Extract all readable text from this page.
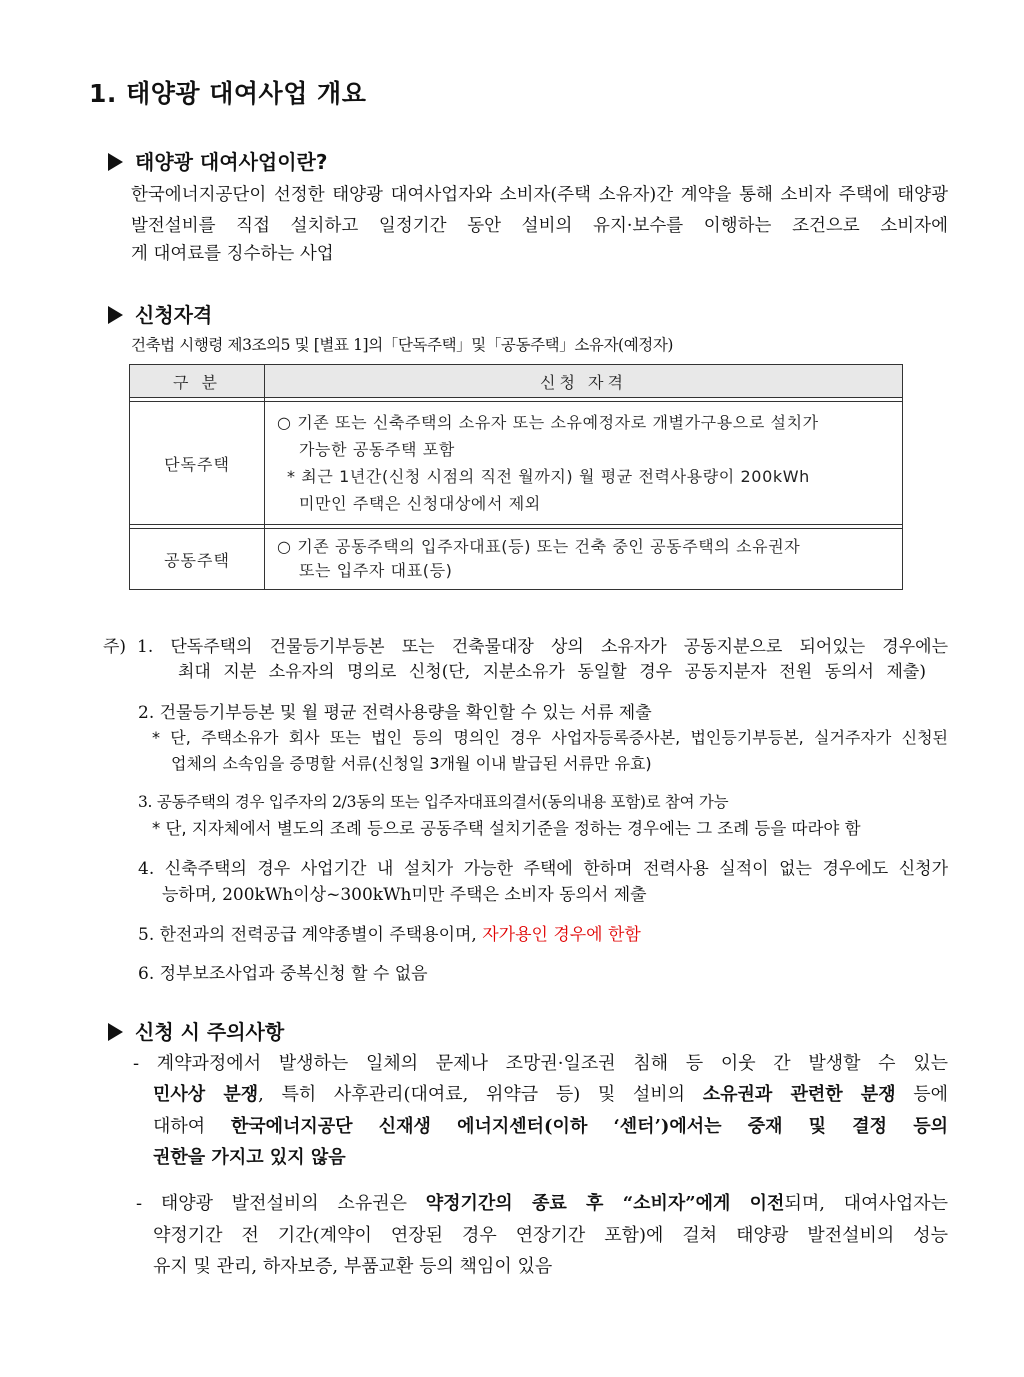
1. 태양광 대여사업 개요
태양광 대여사업이란?
한국에너지공단이 선정한 태양광 대여사업자와 소비자(주택 소유자)간 계약을 통해 소비자 주택에 태양광
발전설비를 직접 설치하고 일정기간 동안 설비의 유지·보수를 이행하는 조건으로 소비자에
게 대여료를 징수하는 사업
신청자격
건축법 시행령 제3조의5 및 [별표 1]의「단독주택」및「공동주택」소유자(예정자)
구 분	신청 자격

단독주택	○ 기존 또는 신축주택의 소유자 또는 소유예정자로 개별가구용으로 설치가
가능한 공동주택 포함
* 최근 1년간(신청 시점의 직전 월까지) 월 평균 전력사용량이 200kWh
미만인 주택은 신청대상에서 제외

공동주택	○ 기존 공동주택의 입주자대표(등) 또는 건축 중인 공동주택의 소유권자
또는 입주자 대표(등)
주) 1. 단독주택의 건물등기부등본 또는 건축물대장 상의 소유자가 공동지분으로 되어있는 경우에는
최대 지분 소유자의 명의로 신청(단, 지분소유가 동일할 경우 공동지분자 전원 동의서 제출)
2. 건물등기부등본 및 월 평균 전력사용량을 확인할 수 있는 서류 제출
* 단, 주택소유가 회사 또는 법인 등의 명의인 경우 사업자등록증사본, 법인등기부등본, 실거주자가 신청된
업체의 소속임을 증명할 서류(신청일 3개월 이내 발급된 서류만 유효)
3. 공동주택의 경우 입주자의 2/3동의 또는 입주자대표의결서(동의내용 포함)로 참여 가능
* 단, 지자체에서 별도의 조례 등으로 공동주택 설치기준을 정하는 경우에는 그 조례 등을 따라야 함
4. 신축주택의 경우 사업기간 내 설치가 가능한 주택에 한하며 전력사용 실적이 없는 경우에도 신청가
능하며, 200kWh이상~300kWh미만 주택은 소비자 동의서 제출
5. 한전과의 전력공급 계약종별이 주택용이며, 자가용인 경우에 한함
6. 정부보조사업과 중복신청 할 수 없음
신청 시 주의사항
- 계약과정에서 발생하는 일체의 문제나 조망권·일조권 침해 등 이웃 간 발생할 수 있는
민사상 분쟁, 특히 사후관리(대여료, 위약금 등) 및 설비의 소유권과 관련한 분쟁 등에
대하여 한국에너지공단 신재생 에너지센터(이하 ‘센터’)에서는 중재 및 결정 등의
권한을 가지고 있지 않음
- 태양광 발전설비의 소유권은 약정기간의 종료 후 “소비자”에게 이전되며, 대여사업자는
약정기간 전 기간(계약이 연장된 경우 연장기간 포함)에 걸쳐 태양광 발전설비의 성능
유지 및 관리, 하자보증, 부품교환 등의 책임이 있음
